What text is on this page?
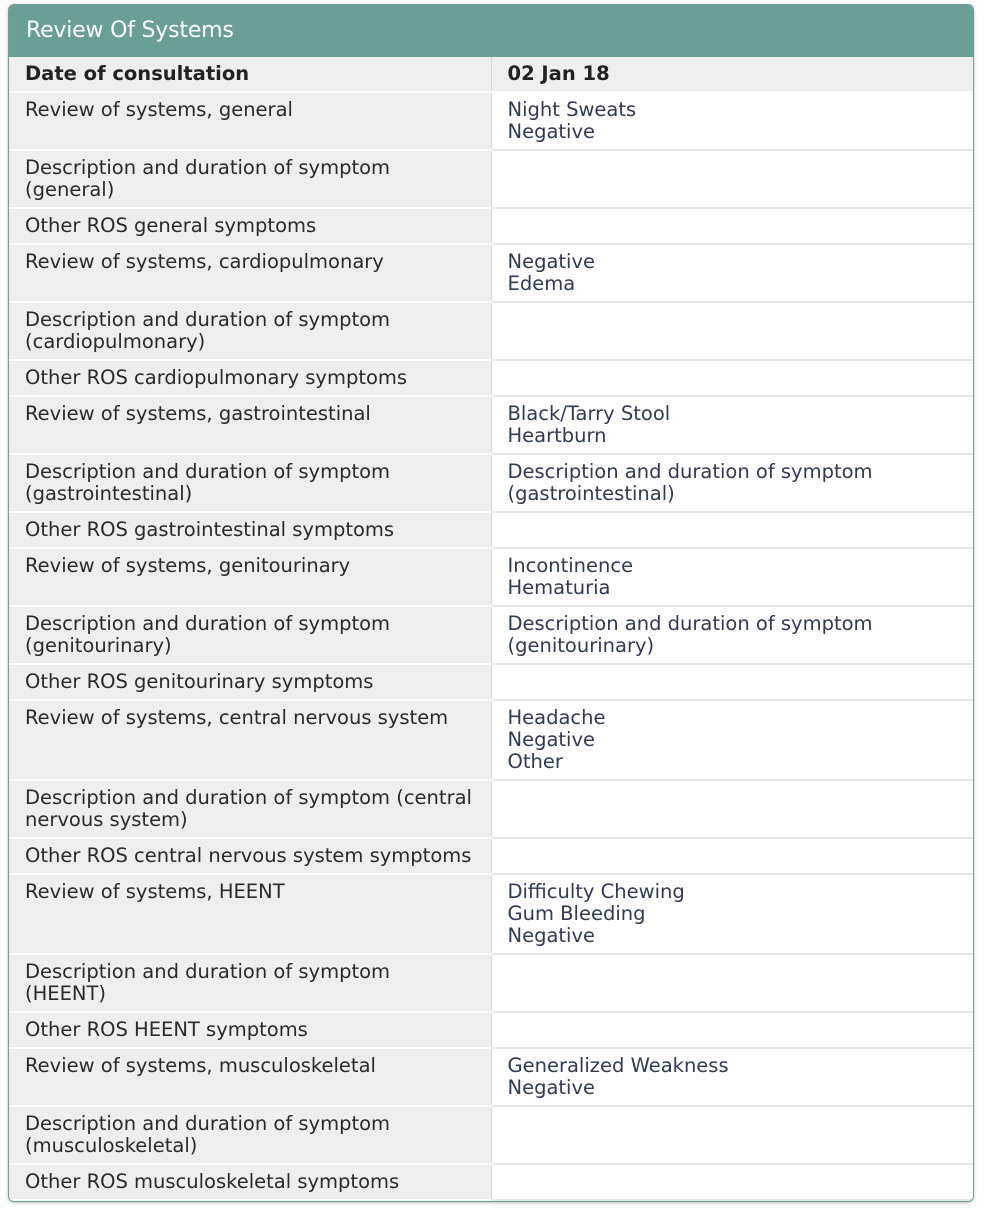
Review Of Systems
Date of consultation	02 Jan 18
Review of systems, general	Night Sweats
Negative

Description and duration of symptom (general)	
Other ROS general symptoms	
Review of systems, cardiopulmonary	Negative
Edema

Description and duration of symptom (cardiopulmonary)	
Other ROS cardiopulmonary symptoms	
Review of systems, gastrointestinal	Black/Tarry Stool
Heartburn

Description and duration of symptom (gastrointestinal)	Description and duration of symptom (gastrointestinal)

Other ROS gastrointestinal symptoms	
Review of systems, genitourinary	Incontinence
Hematuria

Description and duration of symptom (genitourinary)	Description and duration of symptom (genitourinary)

Other ROS genitourinary symptoms	
Review of systems, central nervous system	Headache
Negative
Other

Description and duration of symptom (central nervous system)	
Other ROS central nervous system symptoms	
Review of systems, HEENT	Difficulty Chewing
Gum Bleeding
Negative

Description and duration of symptom (HEENT)	
Other ROS HEENT symptoms	
Review of systems, musculoskeletal	Generalized Weakness
Negative

Description and duration of symptom (musculoskeletal)	
Other ROS musculoskeletal symptoms	
